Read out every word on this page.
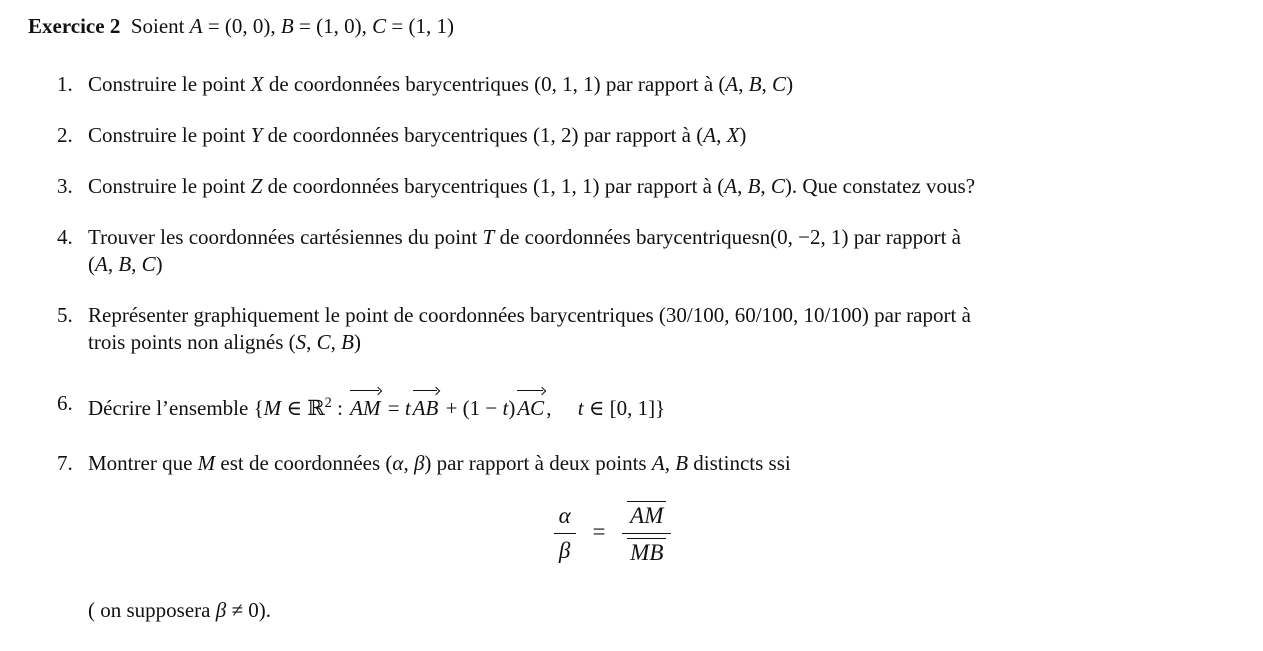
Exercice 2  Soient A = (0, 0), B = (1, 0), C = (1, 1)

1. Construire le point X de coordonnées barycentriques (0, 1, 1) par rapport à (A, B, C)
2. Construire le point Y de coordonnées barycentriques (1, 2) par rapport à (A, X)
3. Construire le point Z de coordonnées barycentriques (1, 1, 1) par rapport à (A, B, C). Que constatez vous?
4. Trouver les coordonnées cartésiennes du point T de coordonnées barycentriquesn(0, −2, 1) par rapport à
(A, B, C)
5. Représenter graphiquement le point de coordonnées barycentriques (30/100, 60/100, 10/100) par raport à
trois points non alignés (S, C, B)
6. Décrire l’ensemble {M ∈ ℝ$^2$ : AM = tAB + (1 − t)AC,  t ∈ [0, 1]}
7. Montrer que M est de coordonnées (α, β) par rapport à deux points A, B distincts ssi
$\frac{\alpha}{\beta} = \frac{AM}{MB}$

( on supposera β ≠ 0).
